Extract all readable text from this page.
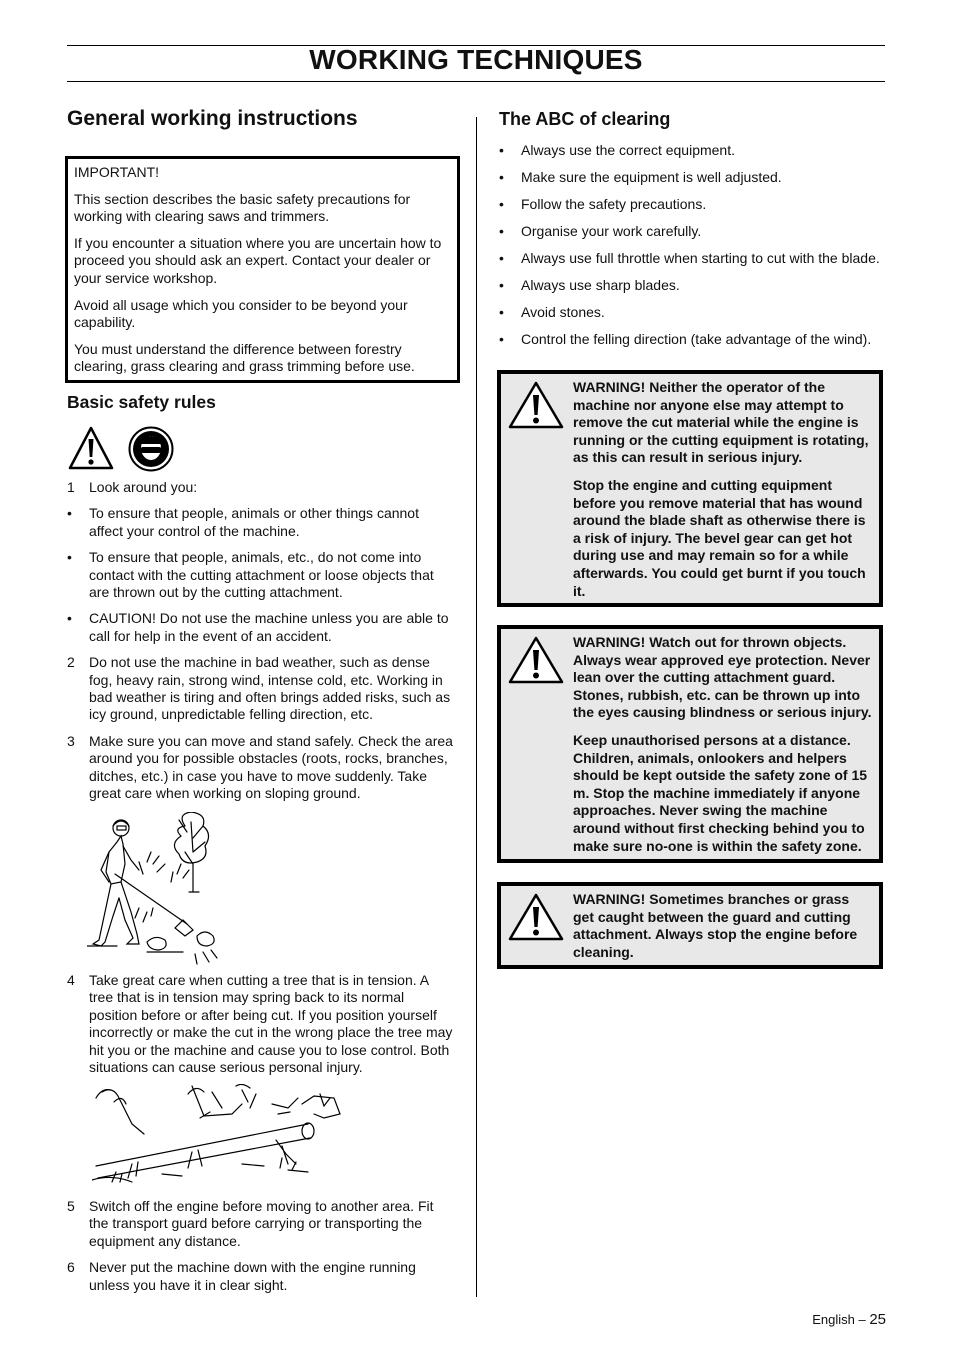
WORKING TECHNIQUES
General working instructions

IMPORTANT!

This section describes the basic safety precautions for working with clearing saws and trimmers.

If you encounter a situation where you are uncertain how to proceed you should ask an expert. Contact your dealer or your service workshop.

Avoid all usage which you consider to be beyond your capability.

You must understand the difference between forestry clearing, grass clearing and grass trimming before use.

Basic safety rules
1 Look around you:
• To ensure that people, animals or other things cannot affect your control of the machine.
• To ensure that people, animals, etc., do not come into contact with the cutting attachment or loose objects that are thrown out by the cutting attachment.
• CAUTION! Do not use the machine unless you are able to call for help in the event of an accident.
2 Do not use the machine in bad weather, such as dense fog, heavy rain, strong wind, intense cold, etc. Working in bad weather is tiring and often brings added risks, such as icy ground, unpredictable felling direction, etc.
3 Make sure you can move and stand safely. Check the area around you for possible obstacles (roots, rocks, branches, ditches, etc.) in case you have to move suddenly. Take great care when working on sloping ground.
4 Take great care when cutting a tree that is in tension. A tree that is in tension may spring back to its normal position before or after being cut. If you position yourself incorrectly or make the cut in the wrong place the tree may hit you or the machine and cause you to lose control. Both situations can cause serious personal injury.
5 Switch off the engine before moving to another area. Fit the transport guard before carrying or transporting the equipment any distance.
6 Never put the machine down with the engine running unless you have it in clear sight.
The ABC of clearing
• Always use the correct equipment.
• Make sure the equipment is well adjusted.
• Follow the safety precautions.
• Organise your work carefully.
• Always use full throttle when starting to cut with the blade.
• Always use sharp blades.
• Avoid stones.
• Control the felling direction (take advantage of the wind).

WARNING! Neither the operator of the machine nor anyone else may attempt to remove the cut material while the engine is running or the cutting equipment is rotating, as this can result in serious injury.

Stop the engine and cutting equipment before you remove material that has wound around the blade shaft as otherwise there is a risk of injury. The bevel gear can get hot during use and may remain so for a while afterwards. You could get burnt if you touch it.

WARNING! Watch out for thrown objects. Always wear approved eye protection. Never lean over the cutting attachment guard. Stones, rubbish, etc. can be thrown up into the eyes causing blindness or serious injury.

Keep unauthorised persons at a distance. Children, animals, onlookers and helpers should be kept outside the safety zone of 15 m. Stop the machine immediately if anyone approaches. Never swing the machine around without first checking behind you to make sure no-one is within the safety zone.

WARNING! Sometimes branches or grass get caught between the guard and cutting attachment. Always stop the engine before cleaning.

English – 25
